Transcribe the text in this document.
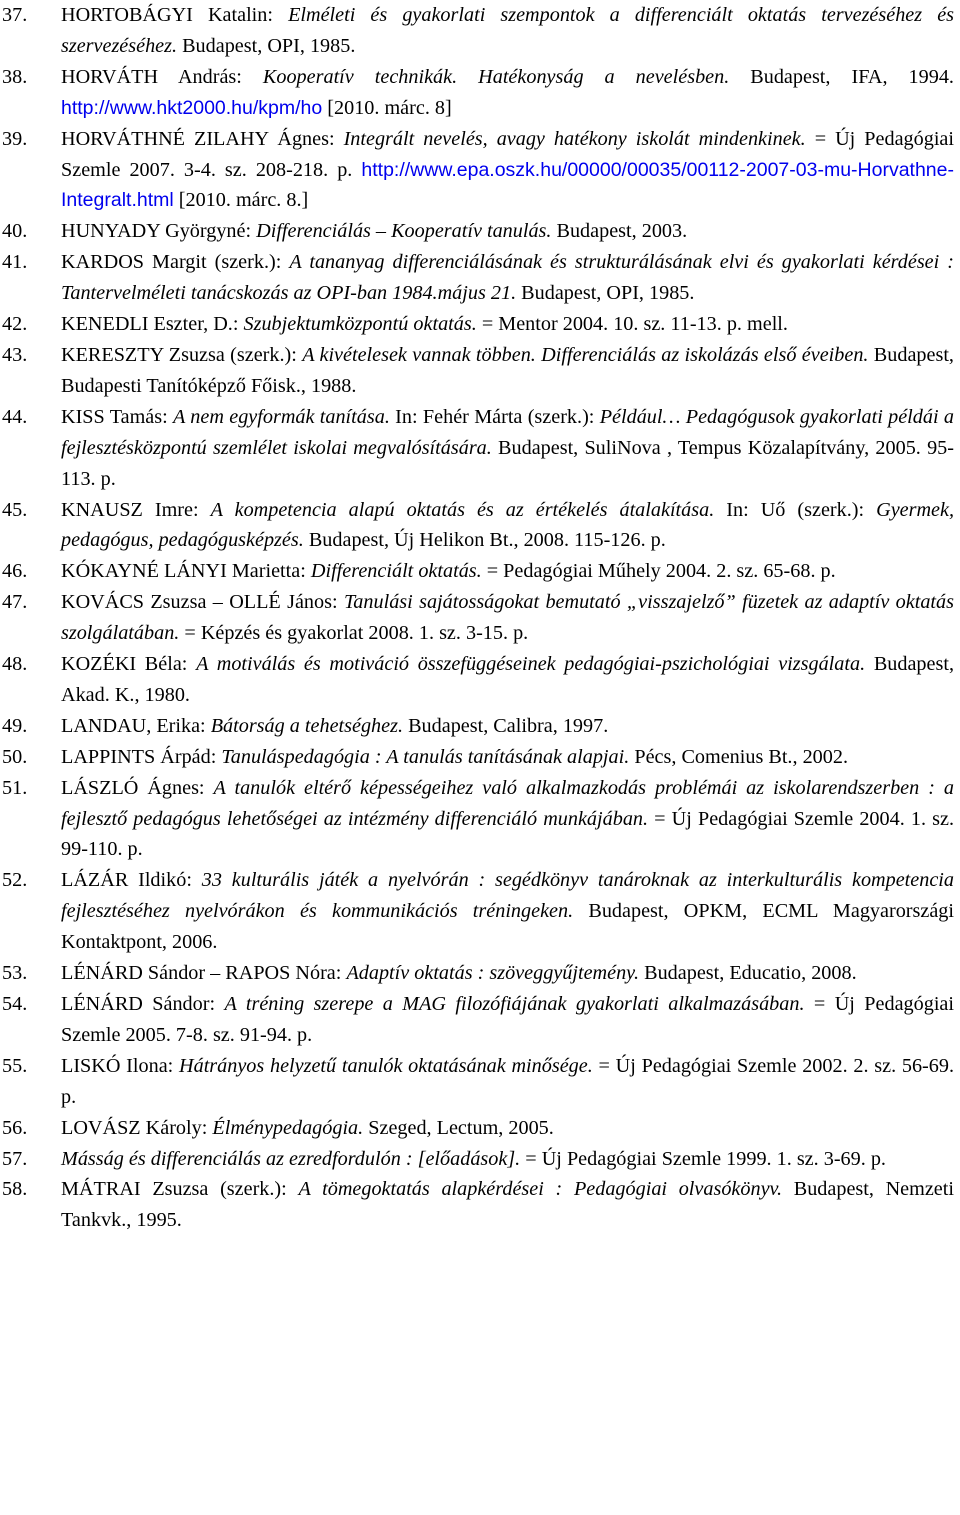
37.	HORTOBÁGYI Katalin: Elméleti és gyakorlati szempontok a differenciált oktatás tervezéséhez és szervezéséhez. Budapest, OPI, 1985.
38.	HORVÁTH András: Kooperatív technikák. Hatékonyság a nevelésben. Budapest, IFA, 1994. http://www.hkt2000.hu/kpm/ho [2010. márc. 8]
39.	HORVÁTHNÉ ZILAHY Ágnes: Integrált nevelés, avagy hatékony iskolát mindenkinek. = Új Pedagógiai Szemle 2007. 3-4. sz. 208-218. p. http://www.epa.oszk.hu/00000/00035/00112-2007-03-mu-Horvathne-Integralt.html [2010. márc. 8.]
40.	HUNYADY Györgyné: Differenciálás – Kooperatív tanulás. Budapest, 2003.
41.	KARDOS Margit (szerk.): A tananyag differenciálásának és strukturálásának elvi és gyakorlati kérdései : Tantervelméleti tanácskozás az OPI-ban 1984.május 21. Budapest, OPI, 1985.
42.	KENEDLI Eszter, D.: Szubjektumközpontú oktatás. = Mentor 2004. 10. sz. 11-13. p. mell.
43.	KERESZTY Zsuzsa (szerk.): A kivételesek vannak többen. Differenciálás az iskolázás első éveiben. Budapest, Budapesti Tanítóképző Főisk., 1988.
44.	KISS Tamás: A nem egyformák tanítása. In: Fehér Márta (szerk.): Például… Pedagógusok gyakorlati példái a fejlesztésközpontú szemlélet iskolai megvalósítására. Budapest, SuliNova , Tempus Közalapítvány, 2005. 95-113. p.
45.	KNAUSZ Imre: A kompetencia alapú oktatás és az értékelés átalakítása. In: Uő (szerk.): Gyermek, pedagógus, pedagógusképzés. Budapest, Új Helikon Bt., 2008. 115-126. p.
46.	KÓKAYNÉ LÁNYI Marietta: Differenciált oktatás. = Pedagógiai Műhely 2004. 2. sz. 65-68. p.
47.	KOVÁCS Zsuzsa – OLLÉ János: Tanulási sajátosságokat bemutató „visszajelző” füzetek az adaptív oktatás szolgálatában. = Képzés és gyakorlat 2008. 1. sz. 3-15. p.
48.	KOZÉKI Béla: A motiválás és motiváció összefüggéseinek pedagógiai-pszichológiai vizsgálata. Budapest, Akad. K., 1980.
49.	LANDAU, Erika: Bátorság a tehetséghez. Budapest, Calibra, 1997.
50.	LAPPINTS Árpád: Tanuláspedagógia : A tanulás tanításának alapjai. Pécs, Comenius Bt., 2002.
51.	LÁSZLÓ Ágnes: A tanulók eltérő képességeihez való alkalmazkodás problémái az iskolarendszerben : a fejlesztő pedagógus lehetőségei az intézmény differenciáló munkájában. = Új Pedagógiai Szemle 2004. 1. sz. 99-110. p.
52.	LÁZÁR Ildikó: 33 kulturális játék a nyelvórán : segédkönyv tanároknak az interkulturális kompetencia fejlesztéséhez nyelvórákon és kommunikációs tréningeken. Budapest, OPKM, ECML Magyarországi Kontaktpont, 2006.
53.	LÉNÁRD Sándor – RAPOS Nóra: Adaptív oktatás : szöveggyűjtemény. Budapest, Educatio, 2008.
54.	LÉNÁRD Sándor: A tréning szerepe a MAG filozófiájának gyakorlati alkalmazásában. = Új Pedagógiai Szemle 2005. 7-8. sz. 91-94. p.
55.	LISKÓ Ilona: Hátrányos helyzetű tanulók oktatásának minősége. = Új Pedagógiai Szemle 2002. 2. sz. 56-69. p.
56.	LOVÁSZ Károly: Élménypedagógia. Szeged, Lectum, 2005.
57.	Másság és differenciálás az ezredfordulón : [előadások]. = Új Pedagógiai Szemle 1999. 1. sz. 3-69. p.
58.	MÁTRAI Zsuzsa (szerk.): A tömegoktatás alapkérdései : Pedagógiai olvasókönyv. Budapest, Nemzeti Tankvk., 1995.
